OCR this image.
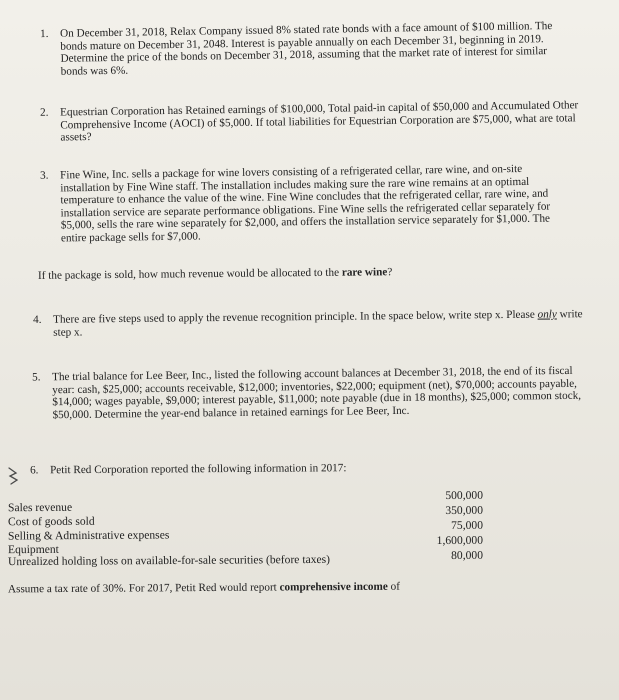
1. On December 31, 2018, Relax Company issued 8% stated rate bonds with a face amount of $100 million. The bonds mature on December 31, 2048. Interest is payable annually on each December 31, beginning in 2019. Determine the price of the bonds on December 31, 2018, assuming that the market rate of interest for similar bonds was 6%.
2. Equestrian Corporation has Retained earnings of $100,000, Total paid-in capital of $50,000 and Accumulated Other Comprehensive Income (AOCI) of $5,000. If total liabilities for Equestrian Corporation are $75,000, what are total assets?
3. Fine Wine, Inc. sells a package for wine lovers consisting of a refrigerated cellar, rare wine, and on-site installation by Fine Wine staff. The installation includes making sure the rare wine remains at an optimal temperature to enhance the value of the wine. Fine Wine concludes that the refrigerated cellar, rare wine, and installation service are separate performance obligations. Fine Wine sells the refrigerated cellar separately for $5,000, sells the rare wine separately for $2,000, and offers the installation service separately for $1,000. The entire package sells for $7,000.
If the package is sold, how much revenue would be allocated to the rare wine?
4. There are five steps used to apply the revenue recognition principle. In the space below, write step x. Please only write step x.
5. The trial balance for Lee Beer, Inc., listed the following account balances at December 31, 2018, the end of its fiscal year: cash, $25,000; accounts receivable, $12,000; inventories, $22,000; equipment (net), $70,000; accounts payable, $14,000; wages payable, $9,000; interest payable, $11,000; note payable (due in 18 months), $25,000; common stock, $50,000. Determine the year-end balance in retained earnings for Lee Beer, Inc.
6. Petit Red Corporation reported the following information in 2017:
Sales revenue
Cost of goods sold
Selling & Administrative expenses
Equipment
Unrealized holding loss on available-for-sale securities (before taxes)
500,000
350,000
75,000
1,600,000
80,000
Assume a tax rate of 30%. For 2017, Petit Red would report comprehensive income of
